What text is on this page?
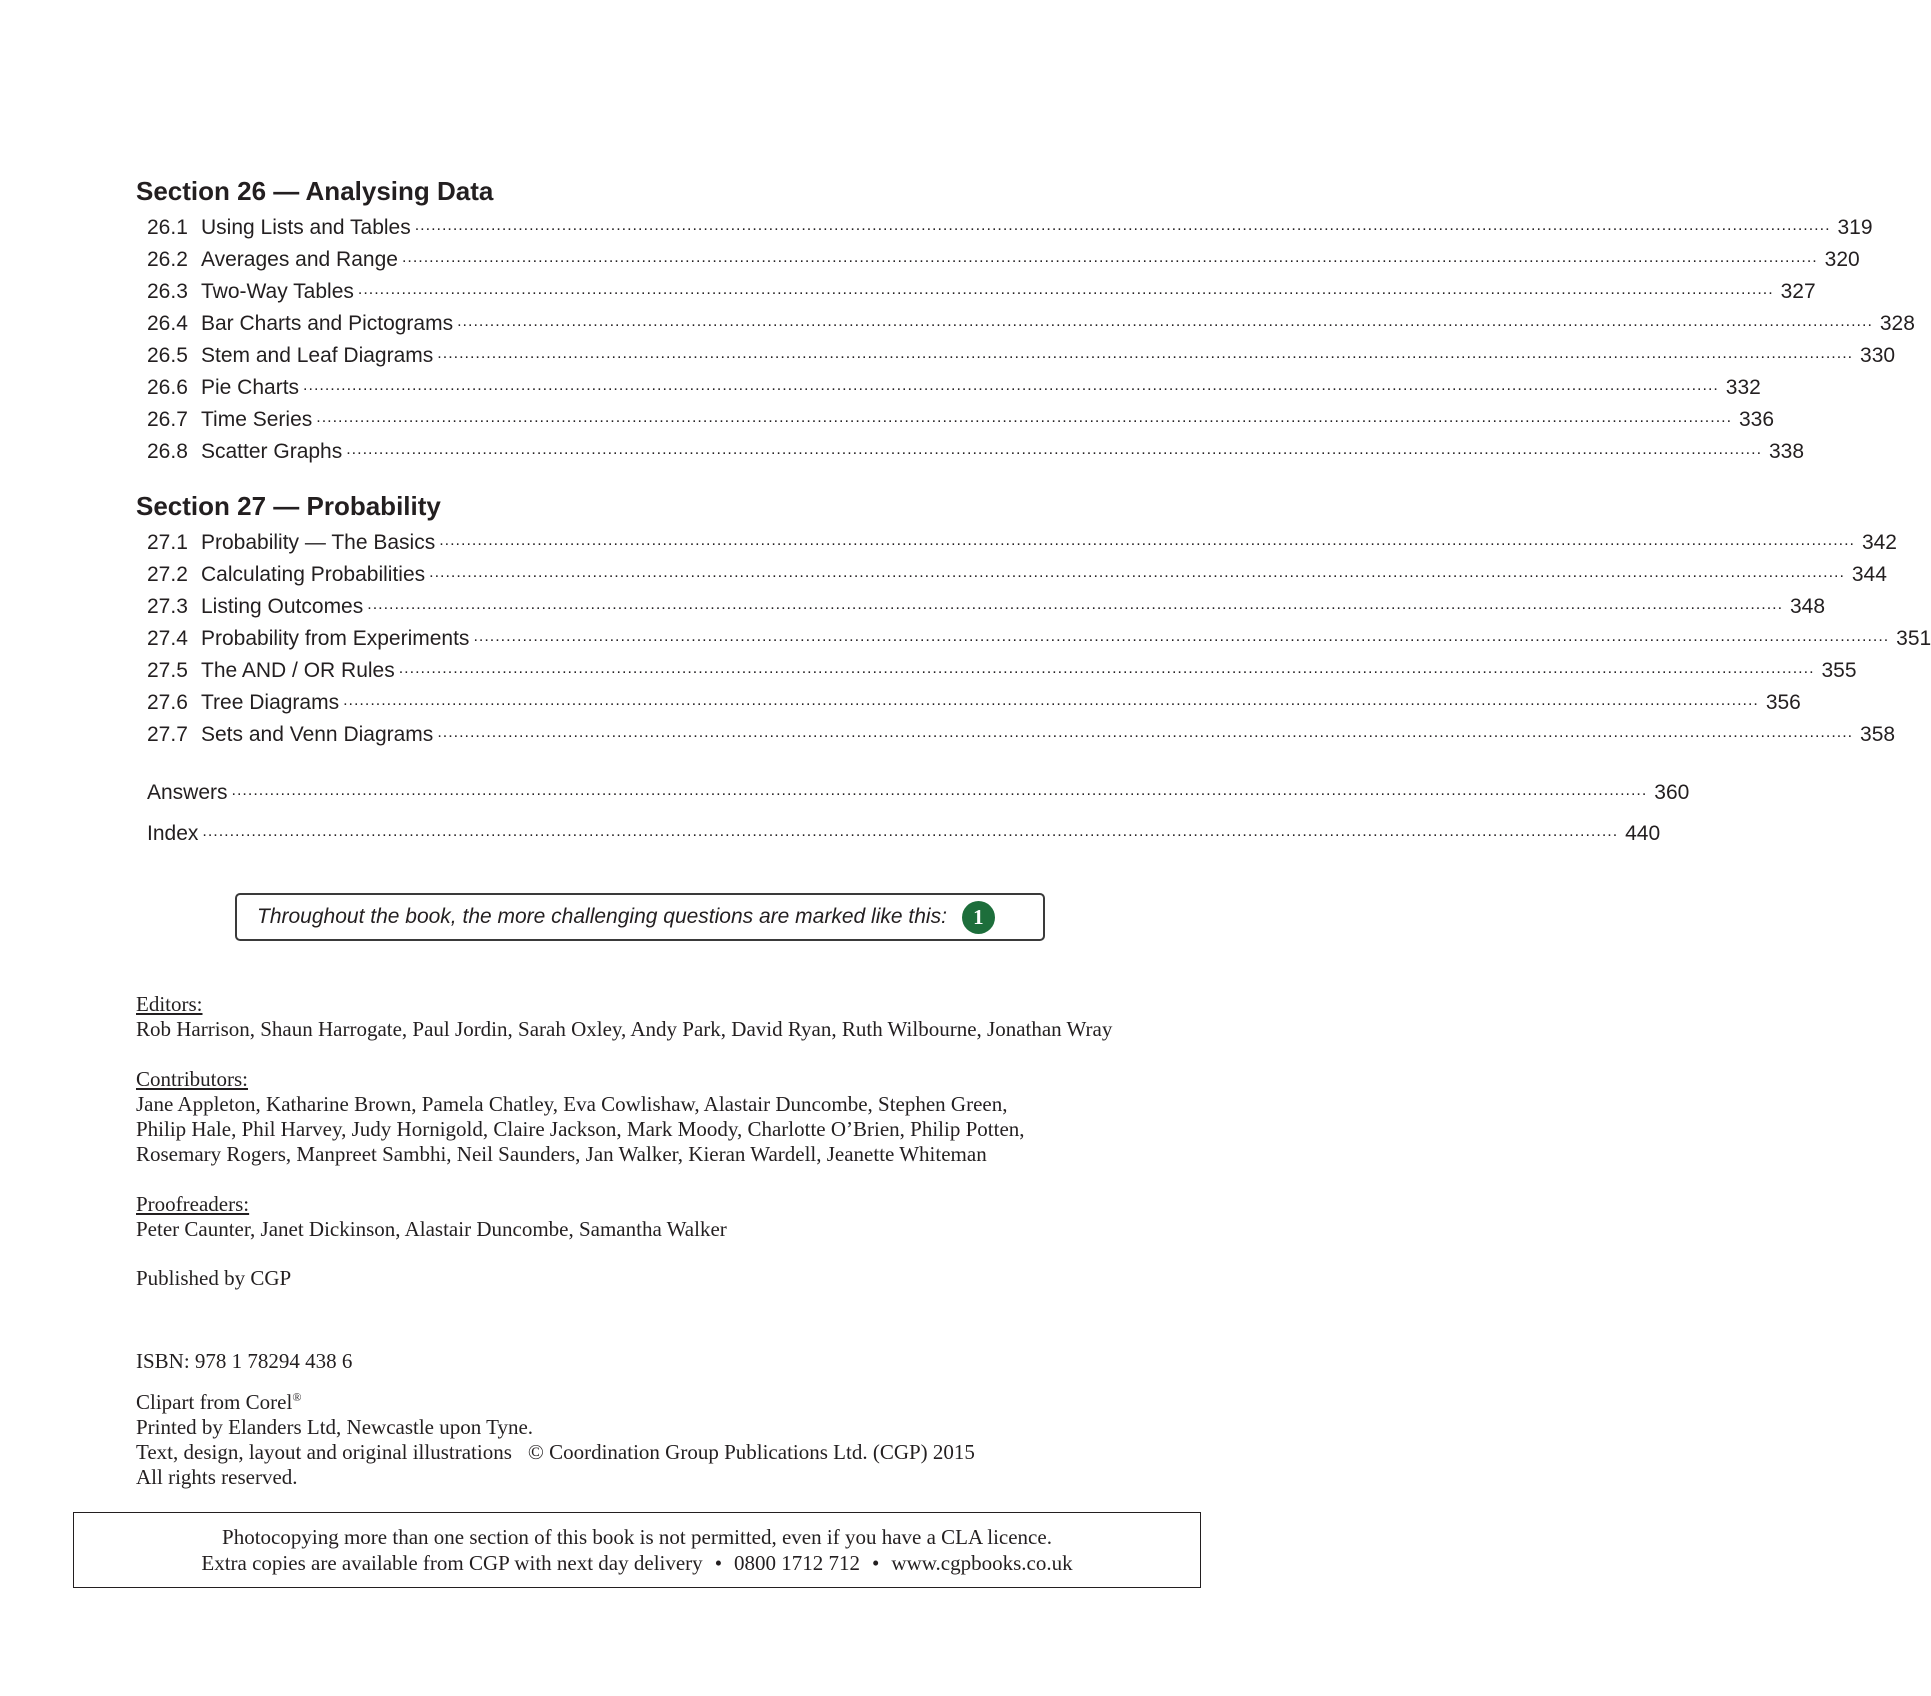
Section 26 — Analysing Data
26.1 Using Lists and Tables .................................................................................................................................................................................................................................................................... 319
26.2 Averages and Range .................................................................................................................................................................................................................................................................... 320
26.3 Two-Way Tables .................................................................................................................................................................................................................................................................... 327
26.4 Bar Charts and Pictograms .................................................................................................................................................................................................................................................................... 328
26.5 Stem and Leaf Diagrams .................................................................................................................................................................................................................................................................... 330
26.6 Pie Charts .................................................................................................................................................................................................................................................................... 332
26.7 Time Series .................................................................................................................................................................................................................................................................... 336
26.8 Scatter Graphs .................................................................................................................................................................................................................................................................... 338
Section 27 — Probability
27.1 Probability — The Basics .................................................................................................................................................................................................................................................................... 342
27.2 Calculating Probabilities .................................................................................................................................................................................................................................................................... 344
27.3 Listing Outcomes .................................................................................................................................................................................................................................................................... 348
27.4 Probability from Experiments .................................................................................................................................................................................................................................................................... 351
27.5 The AND / OR Rules .................................................................................................................................................................................................................................................................... 355
27.6 Tree Diagrams .................................................................................................................................................................................................................................................................... 356
27.7 Sets and Venn Diagrams .................................................................................................................................................................................................................................................................... 358
Answers .................................................................................................................................................................................................................................................................... 360
Index .................................................................................................................................................................................................................................................................... 440
Throughout the book, the more challenging questions are marked like this:	1
Editors:
Rob Harrison, Shaun Harrogate, Paul Jordin, Sarah Oxley, Andy Park, David Ryan, Ruth Wilbourne, Jonathan Wray
Contributors:
Jane Appleton, Katharine Brown, Pamela Chatley, Eva Cowlishaw, Alastair Duncombe, Stephen Green,
Philip Hale, Phil Harvey, Judy Hornigold, Claire Jackson, Mark Moody, Charlotte O’Brien, Philip Potten,
Rosemary Rogers, Manpreet Sambhi, Neil Saunders, Jan Walker, Kieran Wardell, Jeanette Whiteman
Proofreaders:
Peter Caunter, Janet Dickinson, Alastair Duncombe, Samantha Walker
Published by CGP
ISBN: 978 1 78294 438 6
Clipart from Corel®
Printed by Elanders Ltd, Newcastle upon Tyne.
Text, design, layout and original illustrations © Coordination Group Publications Ltd. (CGP) 2015
All rights reserved.
Photocopying more than one section of this book is not permitted, even if you have a CLA licence.
Extra copies are available from CGP with next day delivery • 0800 1712 712 • www.cgpbooks.co.uk
